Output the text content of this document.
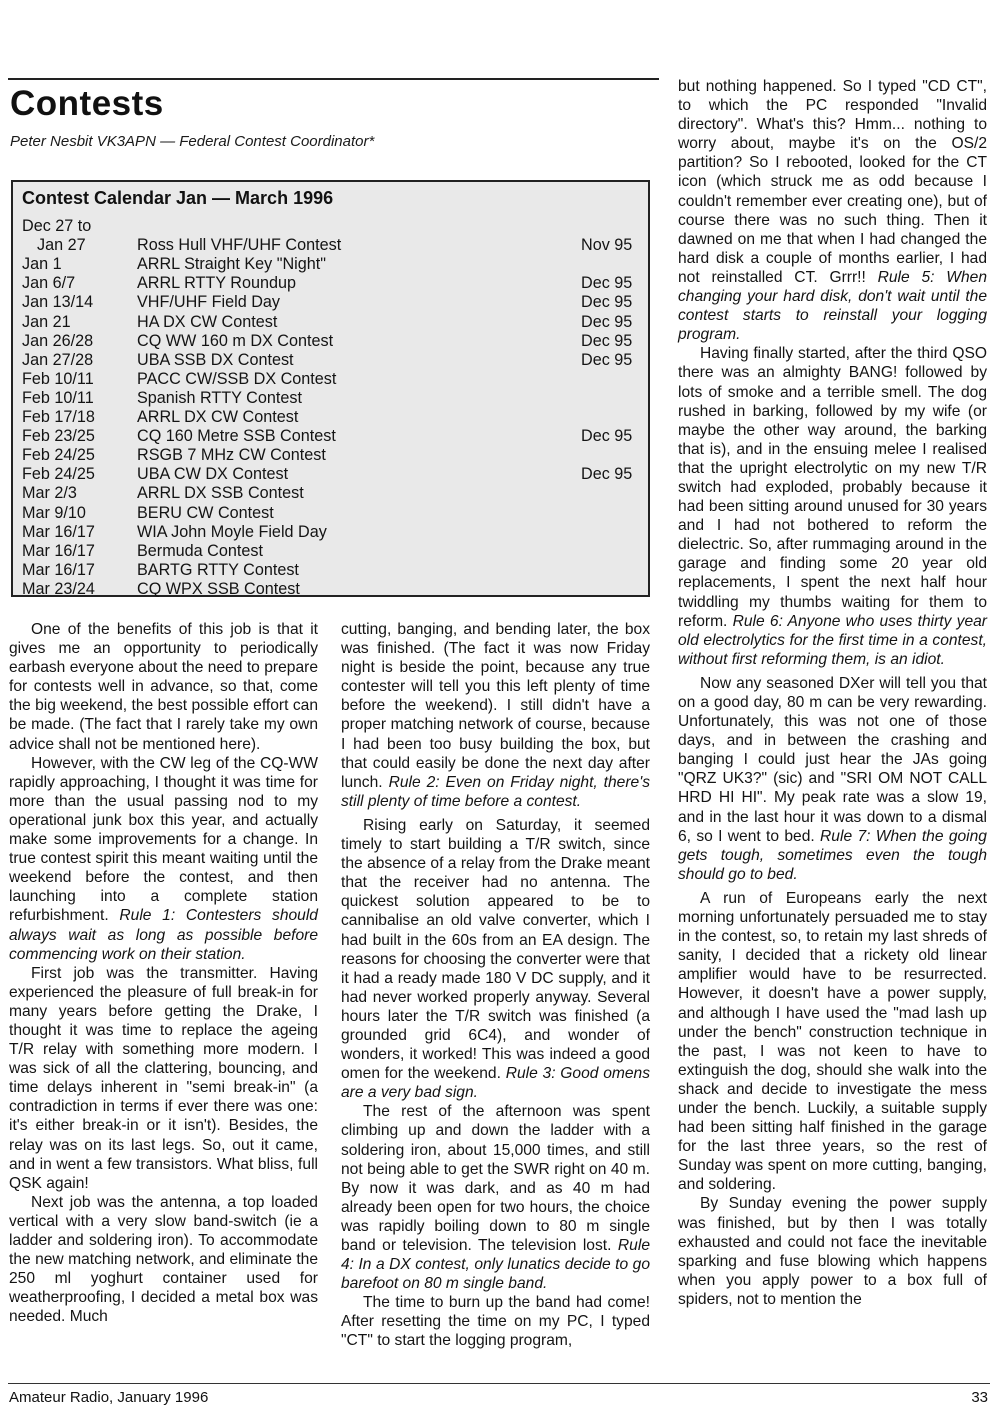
Contests
Peter Nesbit VK3APN — Federal Contest Coordinator*
Contest Calendar Jan — March 1996
Dec 27 to
Jan 27	Ross Hull VHF/UHF Contest	Nov 95
Jan 1	ARRL Straight Key "Night"
Jan 6/7	ARRL RTTY Roundup	Dec 95
Jan 13/14	VHF/UHF Field Day	Dec 95
Jan 21	HA DX CW Contest	Dec 95
Jan 26/28	CQ WW 160 m DX Contest	Dec 95
Jan 27/28	UBA SSB DX Contest	Dec 95
Feb 10/11	PACC CW/SSB DX Contest
Feb 10/11	Spanish RTTY Contest
Feb 17/18	ARRL DX CW Contest
Feb 23/25	CQ 160 Metre SSB Contest	Dec 95
Feb 24/25	RSGB 7 MHz CW Contest
Feb 24/25	UBA CW DX Contest	Dec 95
Mar 2/3	ARRL DX SSB Contest
Mar 9/10	BERU CW Contest
Mar 16/17	WIA John Moyle Field Day
Mar 16/17	Bermuda Contest
Mar 16/17	BARTG RTTY Contest
Mar 23/24	CQ WPX SSB Contest

One of the benefits of this job is that it gives me an opportunity to periodically earbash everyone about the need to prepare for contests well in advance, so that, come the big weekend, the best possible effort can be made. (The fact that I rarely take my own advice shall not be mentioned here).

However, with the CW leg of the CQ-WW rapidly approaching, I thought it was time for more than the usual passing nod to my operational junk box this year, and actually make some improvements for a change. In true contest spirit this meant waiting until the weekend before the contest, and then launching into a complete station refurbishment. Rule 1: Contesters should always wait as long as possible before commencing work on their station.

First job was the transmitter. Having experienced the pleasure of full break-in for many years before getting the Drake, I thought it was time to replace the ageing T/R relay with something more modern. I was sick of all the clattering, bouncing, and time delays inherent in "semi break-in" (a contradiction in terms if ever there was one: it's either break-in or it isn't). Besides, the relay was on its last legs. So, out it came, and in went a few transistors. What bliss, full QSK again!

Next job was the antenna, a top loaded vertical with a very slow band-switch (ie a ladder and soldering iron). To accommodate the new matching network, and eliminate the 250 ml yoghurt container used for weatherproofing, I decided a metal box was needed. Much

cutting, banging, and bending later, the box was finished. (The fact it was now Friday night is beside the point, because any true contester will tell you this left plenty of time before the weekend). I still didn't have a proper matching network of course, because I had been too busy building the box, but that could easily be done the next day after lunch. Rule 2: Even on Friday night, there's still plenty of time before a contest.

Rising early on Saturday, it seemed timely to start building a T/R switch, since the absence of a relay from the Drake meant that the receiver had no antenna. The quickest solution appeared to be to cannibalise an old valve converter, which I had built in the 60s from an EA design. The reasons for choosing the converter were that it had a ready made 180 V DC supply, and it had never worked properly anyway. Several hours later the T/R switch was finished (a grounded grid 6C4), and wonder of wonders, it worked! This was indeed a good omen for the weekend. Rule 3: Good omens are a very bad sign.

The rest of the afternoon was spent climbing up and down the ladder with a soldering iron, about 15,000 times, and still not being able to get the SWR right on 40 m. By now it was dark, and as 40 m had already been open for two hours, the choice was rapidly boiling down to 80 m single band or television. The television lost. Rule 4: In a DX contest, only lunatics decide to go barefoot on 80 m single band.

The time to burn up the band had come! After resetting the time on my PC, I typed "CT" to start the logging program,

but nothing happened. So I typed "CD CT", to which the PC responded "Invalid directory". What's this? Hmm... nothing to worry about, maybe it's on the OS/2 partition? So I rebooted, looked for the CT icon (which struck me as odd because I couldn't remember ever creating one), but of course there was no such thing. Then it dawned on me that when I had changed the hard disk a couple of months earlier, I had not reinstalled CT. Grrr!! Rule 5: When changing your hard disk, don't wait until the contest starts to reinstall your logging program.

Having finally started, after the third QSO there was an almighty BANG! followed by lots of smoke and a terrible smell. The dog rushed in barking, followed by my wife (or maybe the other way around, the barking that is), and in the ensuing melee I realised that the upright electrolytic on my new T/R switch had exploded, probably because it had been sitting around unused for 30 years and I had not bothered to reform the dielectric. So, after rummaging around in the garage and finding some 20 year old replacements, I spent the next half hour twiddling my thumbs waiting for them to reform. Rule 6: Anyone who uses thirty year old electrolytics for the first time in a contest, without first reforming them, is an idiot.

Now any seasoned DXer will tell you that on a good day, 80 m can be very rewarding. Unfortunately, this was not one of those days, and in between the crashing and banging I could just hear the JAs going "QRZ UK3?" (sic) and "SRI OM NOT CALL HRD HI HI". My peak rate was a slow 19, and in the last hour it was down to a dismal 6, so I went to bed. Rule 7: When the going gets tough, sometimes even the tough should go to bed.

A run of Europeans early the next morning unfortunately persuaded me to stay in the contest, so, to retain my last shreds of sanity, I decided that a rickety old linear amplifier would have to be resurrected. However, it doesn't have a power supply, and although I have used the "mad lash up under the bench" construction technique in the past, I was not keen to have to extinguish the dog, should she walk into the shack and decide to investigate the mess under the bench. Luckily, a suitable supply had been sitting half finished in the garage for the last three years, so the rest of Sunday was spent on more cutting, banging, and soldering.

By Sunday evening the power supply was finished, but by then I was totally exhausted and could not face the inevitable sparking and fuse blowing which happens when you apply power to a box full of spiders, not to mention the

Amateur Radio, January 1996	33
